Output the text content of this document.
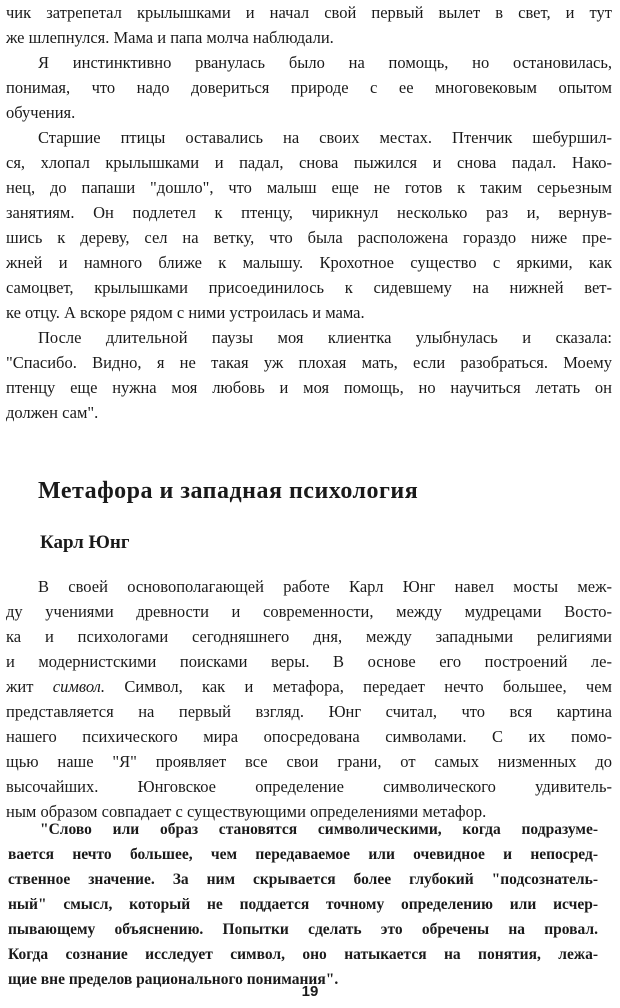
чик затрепетал крылышками и начал свой первый вылет в свет, и тут
же шлепнулся. Мама и папа молча наблюдали.
Я инстинктивно рванулась было на помощь, но остановилась,
понимая, что надо довериться природе с ее многовековым опытом
обучения.
Старшие птицы оставались на своих местах. Птенчик шебуршил-
ся, хлопал крылышками и падал, снова пыжился и снова падал. Нако-
нец, до папаши "дошло", что малыш еще не готов к таким серьезным
занятиям. Он подлетел к птенцу, чирикнул несколько раз и, вернув-
шись к дереву, сел на ветку, что была расположена гораздо ниже пре-
жней и намного ближе к малышу. Крохотное существо с яркими, как
самоцвет, крылышками присоединилось к сидевшему на нижней вет-
ке отцу. А вскоре рядом с ними устроилась и мама.
После длительной паузы моя клиентка улыбнулась и сказала:
"Спасибо. Видно, я не такая уж плохая мать, если разобраться. Моему
птенцу еще нужна моя любовь и моя помощь, но научиться летать он
должен сам".
Метафора и западная психология
Карл Юнг
В своей основополагающей работе Карл Юнг навел мосты меж-
ду учениями древности и современности, между мудрецами Восто-
ка и психологами сегодняшнего дня, между западными религиями
и модернистскими поисками веры. В основе его построений ле-
жит символ. Символ, как и метафора, передает нечто большее, чем
представляется на первый взгляд. Юнг считал, что вся картина
нашего психического мира опосредована символами. С их помо-
щью наше "Я" проявляет все свои грани, от самых низменных до
высочайших. Юнговское определение символического удивитель-
ным образом совпадает с существующими определениями метафор.
"Слово или образ становятся символическими, когда подразуме-
вается нечто большее, чем передаваемое или очевидное и непосред-
ственное значение. За ним скрывается более глубокий "подсознатель-
ный" смысл, который не поддается точному определению или исчер-
пывающему объяснению. Попытки сделать это обречены на провал.
Когда сознание исследует символ, оно натыкается на понятия, лежа-
щие вне пределов рационального понимания".
19
